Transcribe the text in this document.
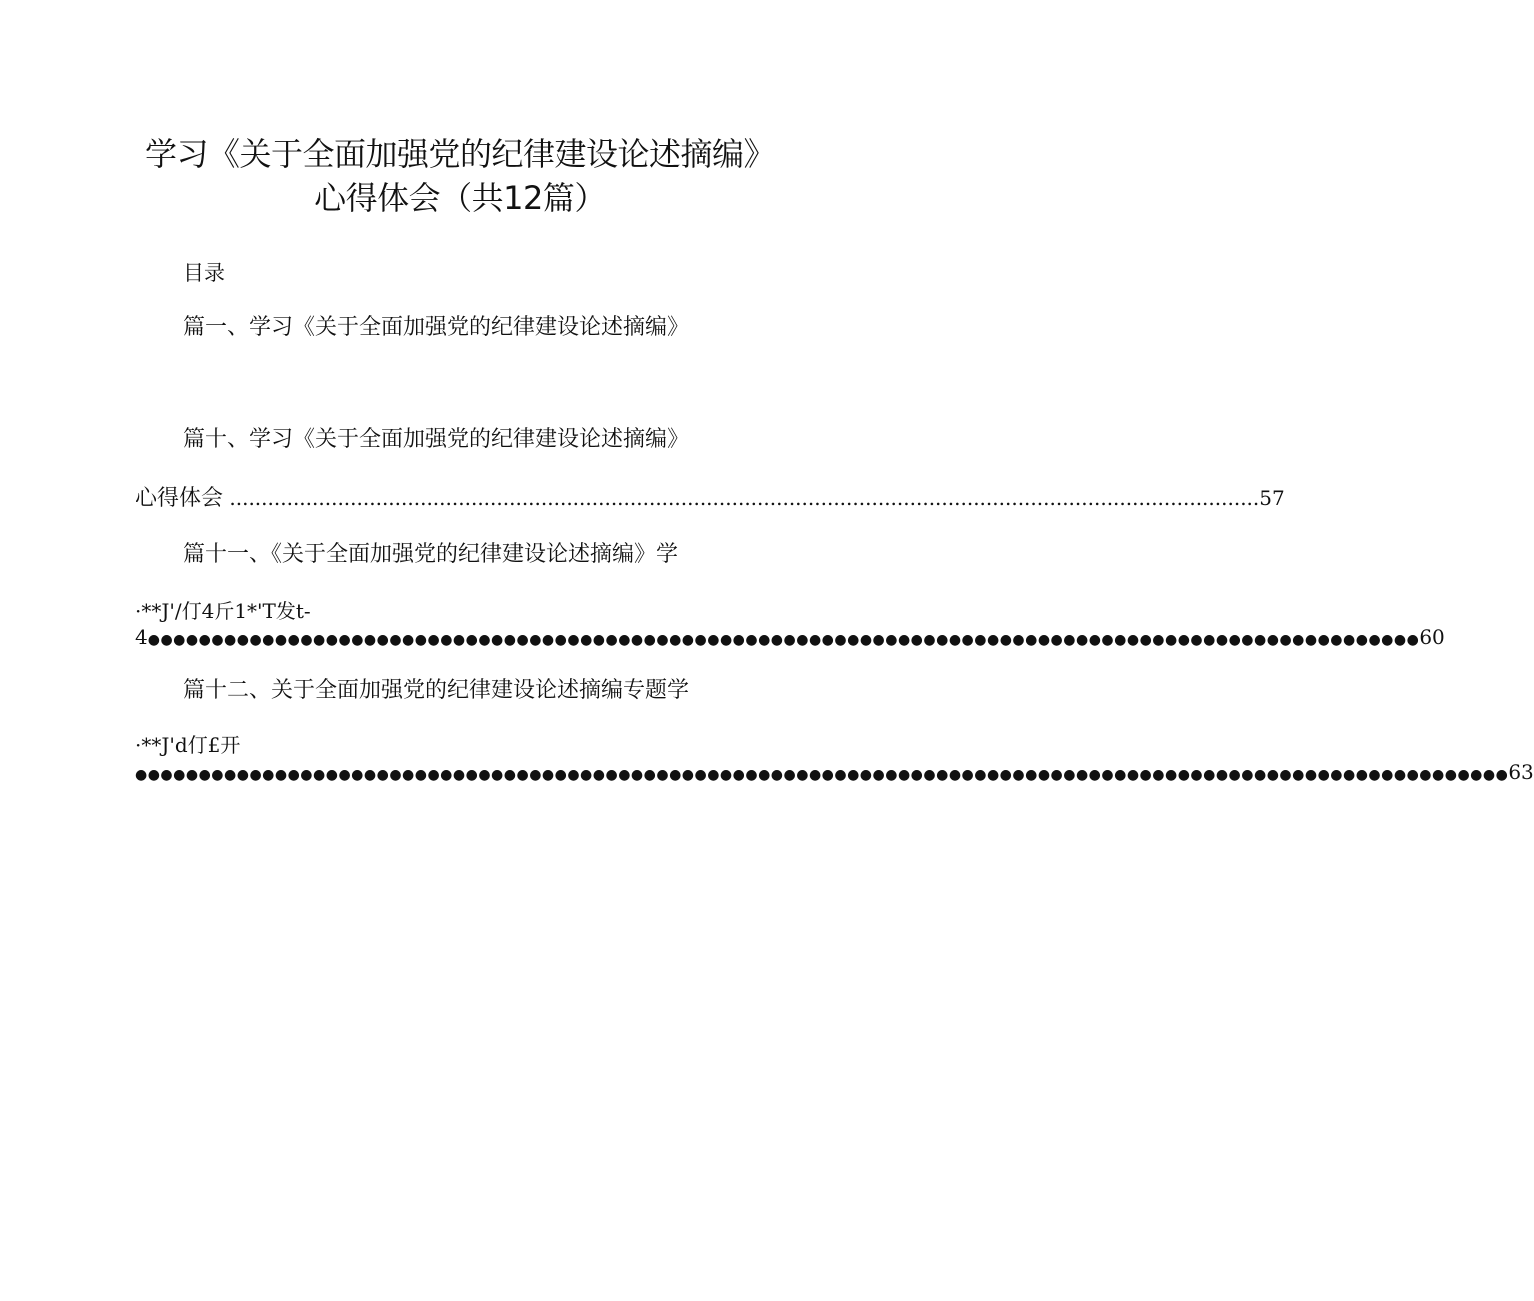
学习《关于全面加强党的纪律建设论述摘编》
心得体会（共12篇）
目录
篇一、学习《关于全面加强党的纪律建设论述摘编》
篇十、学习《关于全面加强党的纪律建设论述摘编》
心得体会 .................................................................................................................................................................. 57
篇十一、《关于全面加强党的纪律建设论述摘编》学
·**J'/仃4斤1*'T发t-
4 ●●●●●●●●●●●●●●●●●●●●●●●●●●●●●●●●●●●●●●●●●●●●●●●●●●●●●●●●●●●●●●●●●●●●●●●●●●●●●●●●●●●●●●●●●●●●●●●●●●●● 60
篇十二、关于全面加强党的纪律建设论述摘编专题学
·**J'd仃£开
●●●●●●●●●●●●●●●●●●●●●●●●●●●●●●●●●●●●●●●●●●●●●●●●●●●●●●●●●●●●●●●●●●●●●●●●●●●●●●●●●●●●●●●●●●●●●●●●●●●●●●●●●●●● 63
